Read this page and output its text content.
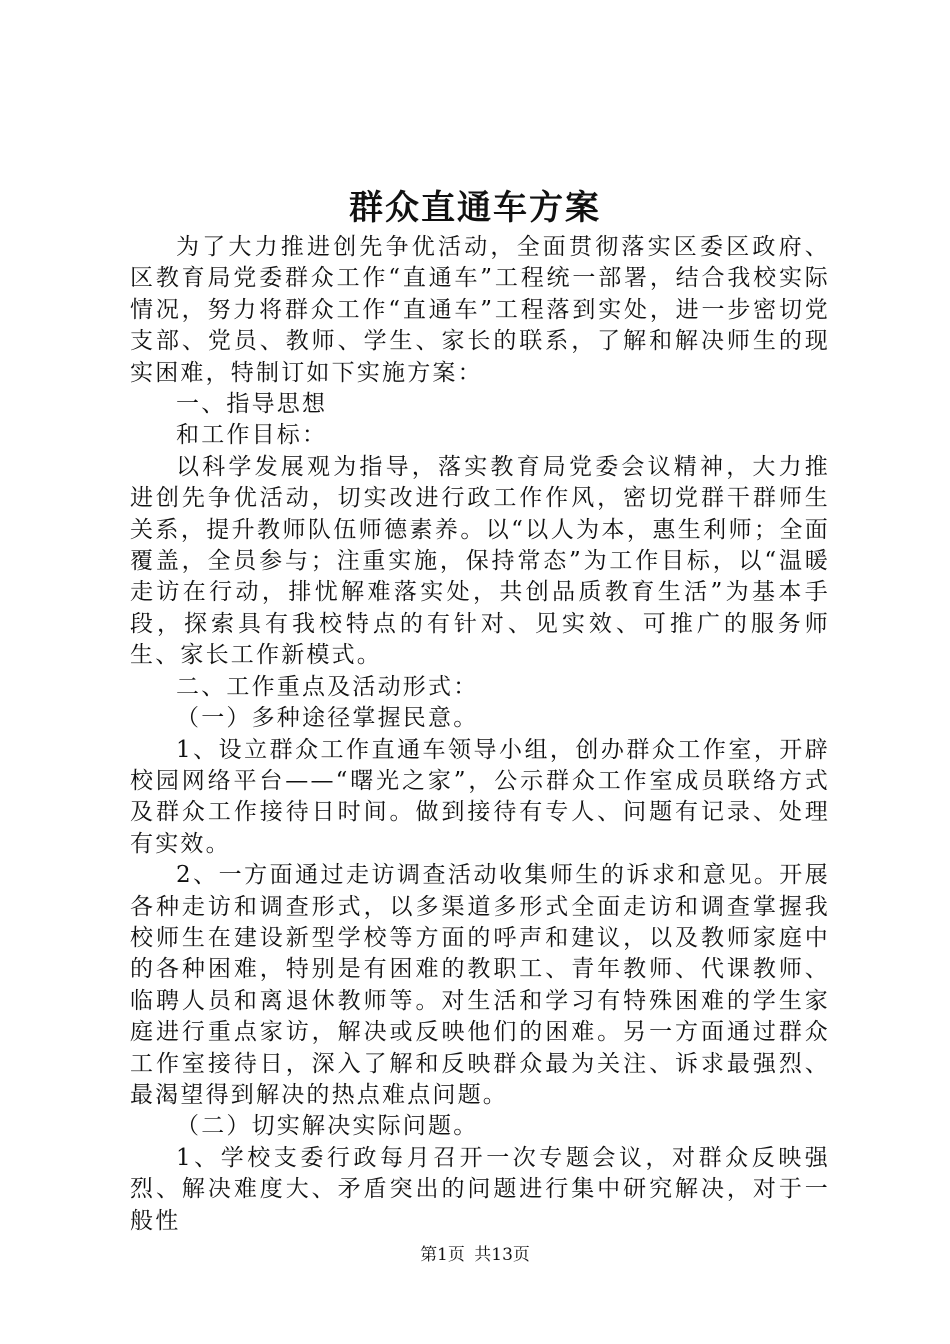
群众直通车方案

为了大力推进创先争优活动，全面贯彻落实区委区政府、区教育局党委群众工作“直通车”工程统一部署，结合我校实际情况，努力将群众工作“直通车”工程落到实处，进一步密切党支部、党员、教师、学生、家长的联系，了解和解决师生的现实困难，特制订如下实施方案：

一、指导思想

和工作目标：

以科学发展观为指导，落实教育局党委会议精神，大力推进创先争优活动，切实改进行政工作作风，密切党群干群师生关系，提升教师队伍师德素养。以“以人为本，惠生利师；全面覆盖，全员参与；注重实施，保持常态”为工作目标，以“温暖走访在行动，排忧解难落实处，共创品质教育生活”为基本手段，探索具有我校特点的有针对、见实效、可推广的服务师生、家长工作新模式。

二、工作重点及活动形式：

（一）多种途径掌握民意。

1、设立群众工作直通车领导小组，创办群众工作室，开辟校园网络平台——“曙光之家”，公示群众工作室成员联络方式及群众工作接待日时间。做到接待有专人、问题有记录、处理有实效。

2、一方面通过走访调查活动收集师生的诉求和意见。开展各种走访和调查形式，以多渠道多形式全面走访和调查掌握我校师生在建设新型学校等方面的呼声和建议，以及教师家庭中的各种困难，特别是有困难的教职工、青年教师、代课教师、临聘人员和离退休教师等。对生活和学习有特殊困难的学生家庭进行重点家访，解决或反映他们的困难。另一方面通过群众工作室接待日，深入了解和反映群众最为关注、诉求最强烈、最渴望得到解决的热点难点问题。

（二）切实解决实际问题。

1、学校支委行政每月召开一次专题会议，对群众反映强烈、解决难度大、矛盾突出的问题进行集中研究解决，对于一般性

第1页 共13页
